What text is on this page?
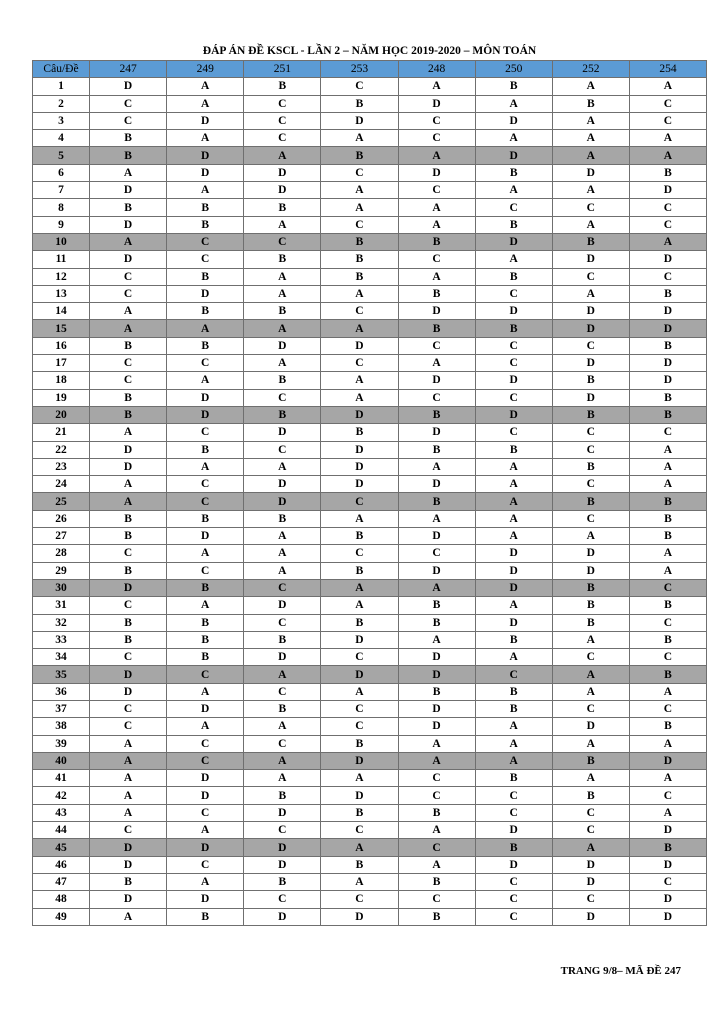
ĐÁP ÁN ĐỀ KSCL - LẦN 2 – NĂM HỌC 2019-2020 – MÔN TOÁN
Câu/Đề	247	249	251	253	248	250	252	254
1	D	A	B	C	A	B	A	A
2	C	A	C	B	D	A	B	C
3	C	D	C	D	C	D	A	C
4	B	A	C	A	C	A	A	A
5	B	D	A	B	A	D	A	A
6	A	D	D	C	D	B	D	B
7	D	A	D	A	C	A	A	D
8	B	B	B	A	A	C	C	C
9	D	B	A	C	A	B	A	C
10	A	C	C	B	B	D	B	A
11	D	C	B	B	C	A	D	D
12	C	B	A	B	A	B	C	C
13	C	D	A	A	B	C	A	B
14	A	B	B	C	D	D	D	D
15	A	A	A	A	B	B	D	D
16	B	B	D	D	C	C	C	B
17	C	C	A	C	A	C	D	D
18	C	A	B	A	D	D	B	D
19	B	D	C	A	C	C	D	B
20	B	D	B	D	B	D	B	B
21	A	C	D	B	D	C	C	C
22	D	B	C	D	B	B	C	A
23	D	A	A	D	A	A	B	A
24	A	C	D	D	D	A	C	A
25	A	C	D	C	B	A	B	B
26	B	B	B	A	A	A	C	B
27	B	D	A	B	D	A	A	B
28	C	A	A	C	C	D	D	A
29	B	C	A	B	D	D	D	A
30	D	B	C	A	A	D	B	C
31	C	A	D	A	B	A	B	B
32	B	B	C	B	B	D	B	C
33	B	B	B	D	A	B	A	B
34	C	B	D	C	D	A	C	C
35	D	C	A	D	D	C	A	B
36	D	A	C	A	B	B	A	A
37	C	D	B	C	D	B	C	C
38	C	A	A	C	D	A	D	B
39	A	C	C	B	A	A	A	A
40	A	C	A	D	A	A	B	D
41	A	D	A	A	C	B	A	A
42	A	D	B	D	C	C	B	C
43	A	C	D	B	B	C	C	A
44	C	A	C	C	A	D	C	D
45	D	D	D	A	C	B	A	B
46	D	C	D	B	A	D	D	D
47	B	A	B	A	B	C	D	C
48	D	D	C	C	C	C	C	D
49	A	B	D	D	B	C	D	D
TRANG 9/8– MÃ ĐỀ 247
